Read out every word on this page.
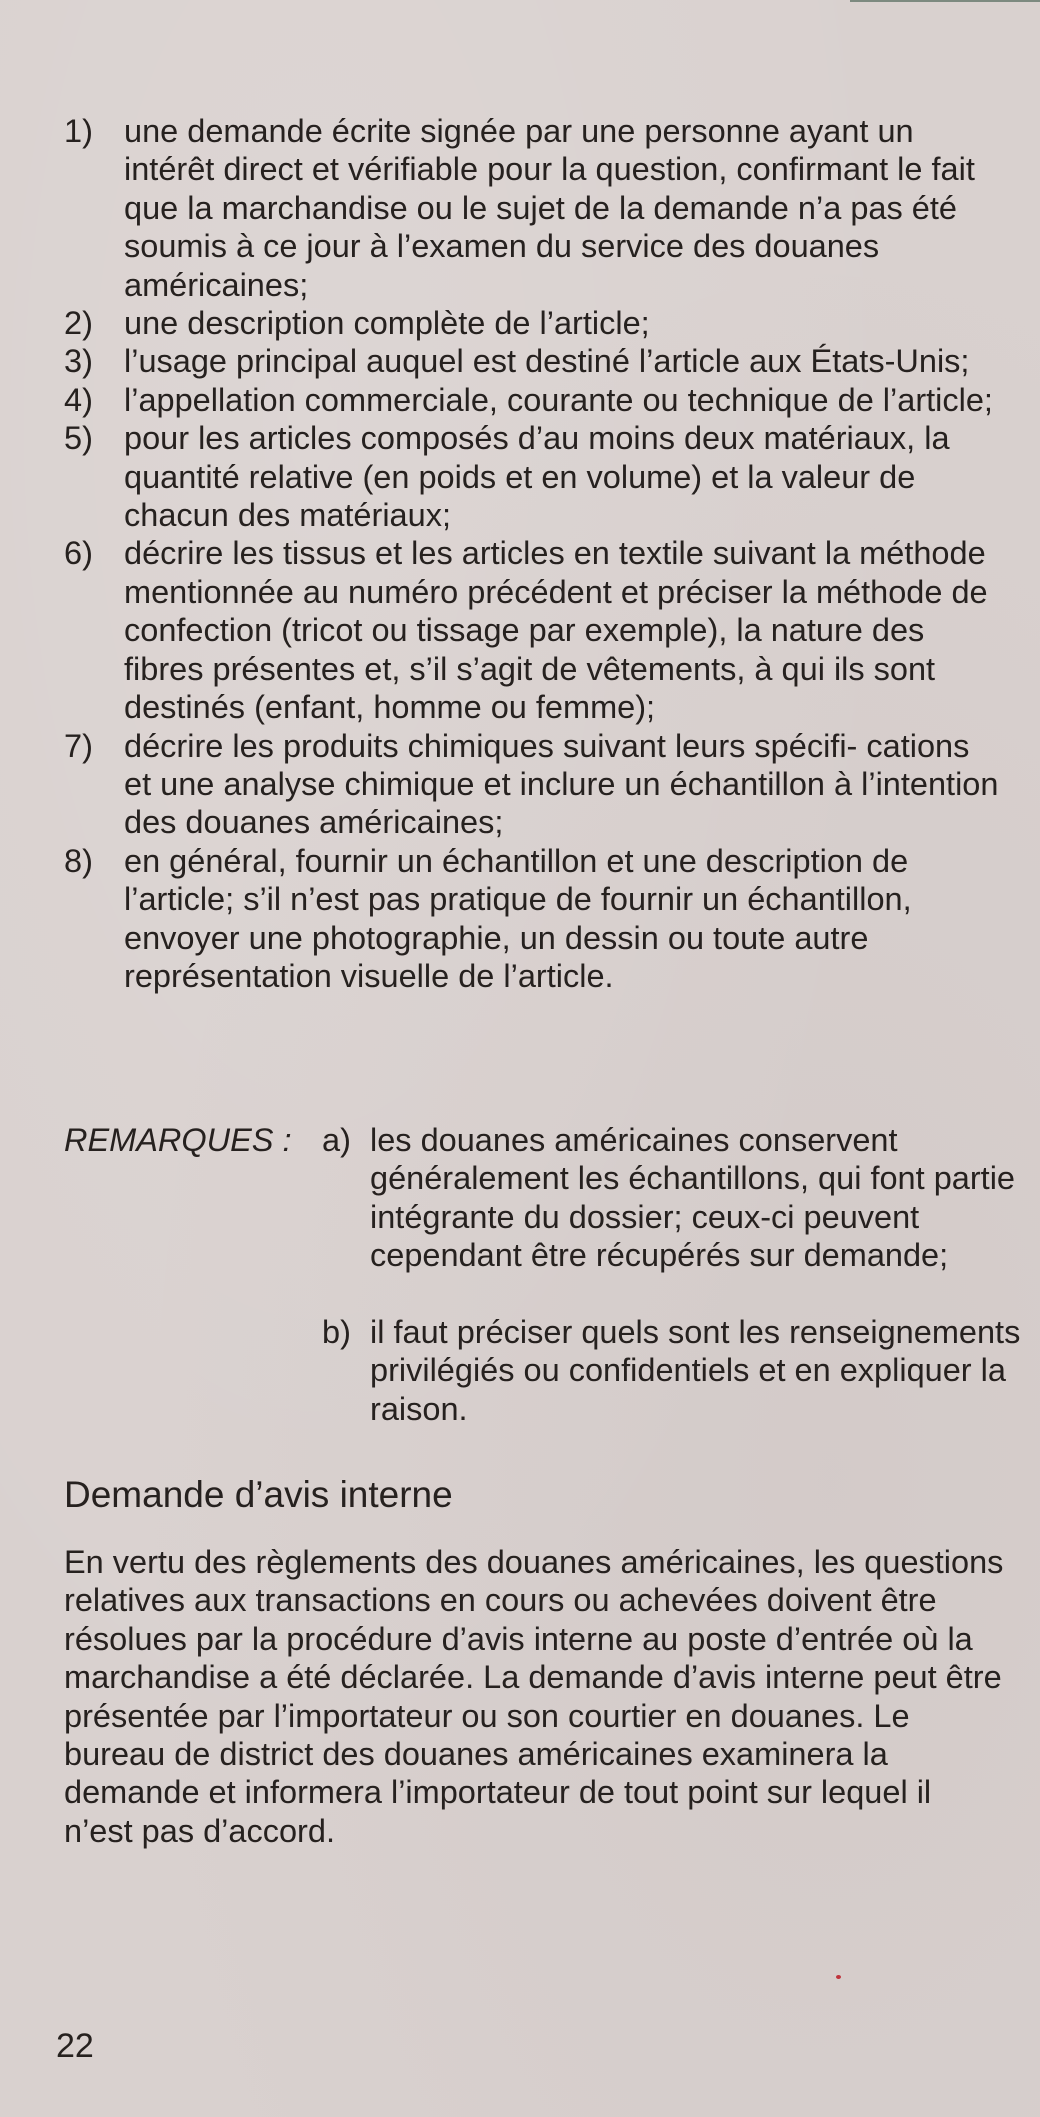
1) une demande écrite signée par une personne ayant un intérêt direct et vérifiable pour la question, confirmant le fait que la marchandise ou le sujet de la demande n’a pas été soumis à ce jour à l’examen du service des douanes américaines;
2) une description complète de l’article;
3) l’usage principal auquel est destiné l’article aux États-Unis;
4) l’appellation commerciale, courante ou technique de l’article;
5) pour les articles composés d’au moins deux matériaux, la quantité relative (en poids et en volume) et la valeur de chacun des matériaux;
6) décrire les tissus et les articles en textile suivant la méthode mentionnée au numéro précédent et préciser la méthode de confection (tricot ou tissage par exemple), la nature des fibres présentes et, s’il s’agit de vêtements, à qui ils sont destinés (enfant, homme ou femme);
7) décrire les produits chimiques suivant leurs spécifi- cations et une analyse chimique et inclure un échantillon à l’intention des douanes américaines;
8) en général, fournir un échantillon et une description de l’article; s’il n’est pas pratique de fournir un échantillon, envoyer une photographie, un dessin ou toute autre représentation visuelle de l’article.
REMARQUES : a) les douanes américaines conservent généralement les échantillons, qui font partie intégrante du dossier; ceux-ci peuvent cependant être récupérés sur demande;
b) il faut préciser quels sont les renseignements privilégiés ou confidentiels et en expliquer la raison.
Demande d’avis interne

En vertu des règlements des douanes américaines, les questions relatives aux transactions en cours ou achevées doivent être résolues par la procédure d’avis interne au poste d’entrée où la marchandise a été déclarée. La demande d’avis interne peut être présentée par l’importateur ou son courtier en douanes. Le bureau de district des douanes américaines examinera la demande et informera l’importateur de tout point sur lequel il n’est pas d’accord.

22
